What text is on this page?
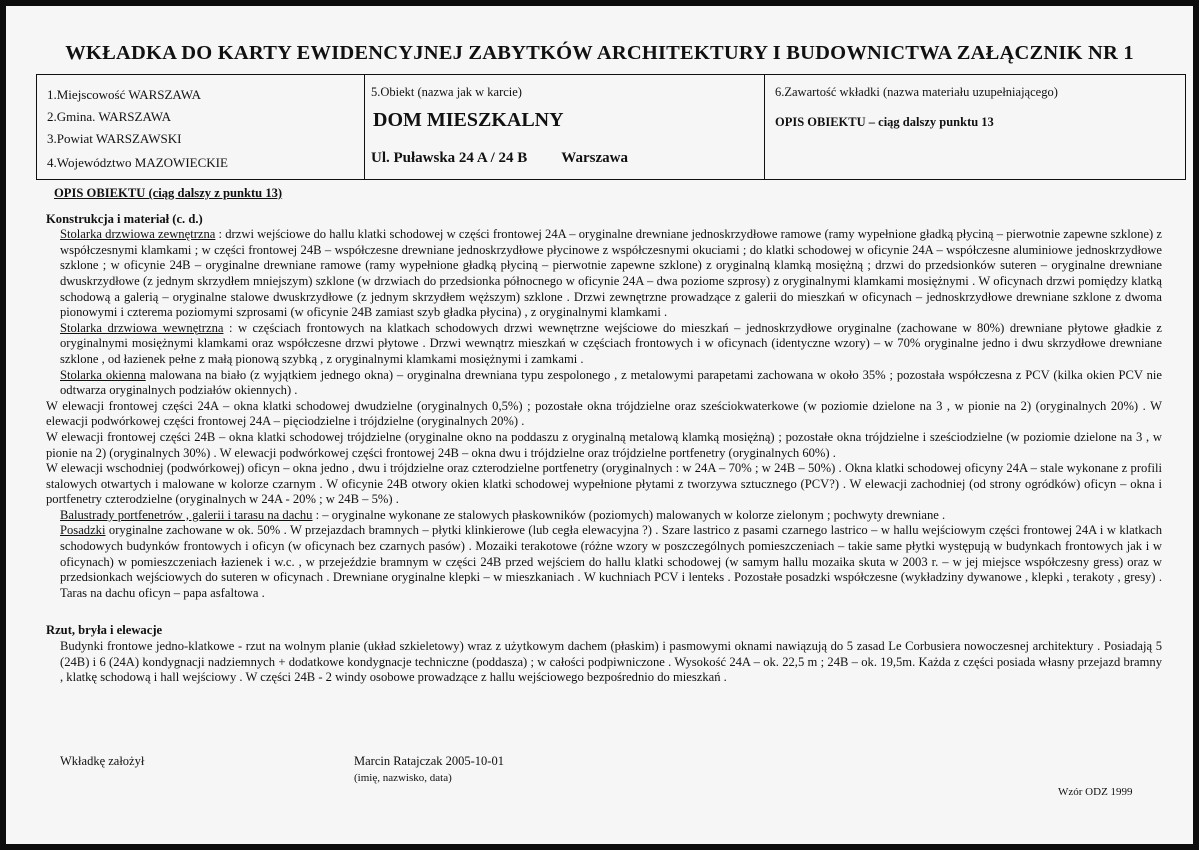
WKŁADKA DO KARTY EWIDENCYJNEJ ZABYTKÓW ARCHITEKTURY I BUDOWNICTWA ZAŁĄCZNIK NR 1
1.Miejscowość WARSZAWA
2.Gmina. WARSZAWA
3.Powiat WARSZAWSKI
4.Województwo MAZOWIECKIE
5.Obiekt (nazwa jak w karcie)
DOM MIESZKALNY
Ul. Puławska 24 A / 24 B Warszawa
6.Zawartość wkładki (nazwa materiału uzupełniającego)
OPIS OBIEKTU – ciąg dalszy punktu 13
OPIS OBIEKTU (ciąg dalszy z punktu 13)
Konstrukcja i materiał (c. d.)
Stolarka drzwiowa zewnętrzna : drzwi wejściowe do hallu klatki schodowej w części frontowej 24A – oryginalne drewniane jednoskrzydłowe ramowe (ramy wypełnione gładką płyciną – pierwotnie zapewne szklone) z współczesnymi klamkami ; w części frontowej 24B – współczesne drewniane jednoskrzydłowe płycinowe z współczesnymi okuciami ; do klatki schodowej w oficynie 24A – współczesne aluminiowe jednoskrzydłowe szklone ; w oficynie 24B – oryginalne drewniane ramowe (ramy wypełnione gładką płyciną – pierwotnie zapewne szklone) z oryginalną klamką mosiężną ; drzwi do przedsionków suteren – oryginalne drewniane dwuskrzydłowe (z jednym skrzydłem mniejszym) szklone (w drzwiach do przedsionka północnego w oficynie 24A – dwa poziome szprosy) z oryginalnymi klamkami mosiężnymi . W oficynach drzwi pomiędzy klatką schodową a galerią – oryginalne stalowe dwuskrzydłowe (z jednym skrzydłem węższym) szklone . Drzwi zewnętrzne prowadzące z galerii do mieszkań w oficynach – jednoskrzydłowe drewniane szklone z dwoma pionowymi i czterema poziomymi szprosami (w oficynie 24B zamiast szyb gładka płycina) , z oryginalnymi klamkami .
Stolarka drzwiowa wewnętrzna : w częściach frontowych na klatkach schodowych drzwi wewnętrzne wejściowe do mieszkań – jednoskrzydłowe oryginalne (zachowane w 80%) drewniane płytowe gładkie z oryginalnymi mosiężnymi klamkami oraz współczesne drzwi płytowe . Drzwi wewnątrz mieszkań w częściach frontowych i w oficynach (identyczne wzory) – w 70% oryginalne jedno i dwu skrzydłowe drewniane szklone , od łazienek pełne z małą pionową szybką , z oryginalnymi klamkami mosiężnymi i zamkami .
Stolarka okienna malowana na biało (z wyjątkiem jednego okna) – oryginalna drewniana typu zespolonego , z metalowymi parapetami zachowana w około 35% ; pozostała współczesna z PCV (kilka okien PCV nie odtwarza oryginalnych podziałów okiennych) .
W elewacji frontowej części 24A – okna klatki schodowej dwudzielne (oryginalnych 0,5%) ; pozostałe okna trójdzielne oraz sześciokwaterkowe (w poziomie dzielone na 3 , w pionie na 2) (oryginalnych 20%) . W elewacji podwórkowej części frontowej 24A – pięciodzielne i trójdzielne (oryginalnych 20%) .
W elewacji frontowej części 24B – okna klatki schodowej trójdzielne (oryginalne okno na poddaszu z oryginalną metalową klamką mosiężną) ; pozostałe okna trójdzielne i sześciodzielne (w poziomie dzielone na 3 , w pionie na 2) (oryginalnych 30%) . W elewacji podwórkowej części frontowej 24B – okna dwu i trójdzielne oraz trójdzielne portfenetry (oryginalnych 60%) .
W elewacji wschodniej (podwórkowej) oficyn – okna jedno , dwu i trójdzielne oraz czterodzielne portfenetry (oryginalnych : w 24A – 70% ; w 24B – 50%) . Okna klatki schodowej oficyny 24A – stale wykonane z profili stalowych otwartych i malowane w kolorze czarnym . W oficynie 24B otwory okien klatki schodowej wypełnione płytami z tworzywa sztucznego (PCV?) . W elewacji zachodniej (od strony ogródków) oficyn – okna i portfenetry czterodzielne (oryginalnych w 24A - 20% ; w 24B – 5%) .
Balustrady portfenetrów , galerii i tarasu na dachu : – oryginalne wykonane ze stalowych płaskowników (poziomych) malowanych w kolorze zielonym ; pochwyty drewniane .
Posadzki oryginalne zachowane w ok. 50% . W przejazdach bramnych – płytki klinkierowe (lub cegła elewacyjna ?) . Szare lastrico z pasami czarnego lastrico – w hallu wejściowym części frontowej 24A i w klatkach schodowych budynków frontowych i oficyn (w oficynach bez czarnych pasów) . Mozaiki terakotowe (różne wzory w poszczególnych pomieszczeniach – takie same płytki występują w budynkach frontowych jak i w oficynach) w pomieszczeniach łazienek i w.c. , w przejeździe bramnym w części 24B przed wejściem do hallu klatki schodowej (w samym hallu mozaika skuta w 2003 r. – w jej miejsce współczesny gress) oraz w przedsionkach wejściowych do suteren w oficynach . Drewniane oryginalne klepki – w mieszkaniach . W kuchniach PCV i lenteks . Pozostałe posadzki współczesne (wykładziny dywanowe , klepki , terakoty , gresy) . Taras na dachu oficyn – papa asfaltowa .
Rzut, bryła i elewacje
Budynki frontowe jedno-klatkowe - rzut na wolnym planie (układ szkieletowy) wraz z użytkowym dachem (płaskim) i pasmowymi oknami nawiązują do 5 zasad Le Corbusiera nowoczesnej architektury . Posiadają 5 (24B) i 6 (24A) kondygnacji nadziemnych + dodatkowe kondygnacje techniczne (poddasza) ; w całości podpiwniczone . Wysokość 24A – ok. 22,5 m ; 24B – ok. 19,5m. Każda z części posiada własny przejazd bramny , klatkę schodową i hall wejściowy . W części 24B - 2 windy osobowe prowadzące z hallu wejściowego bezpośrednio do mieszkań .
Wkładkę założył	Marcin Ratajczak 2005-10-01
(imię, nazwisko, data)
Wzór ODZ 1999
